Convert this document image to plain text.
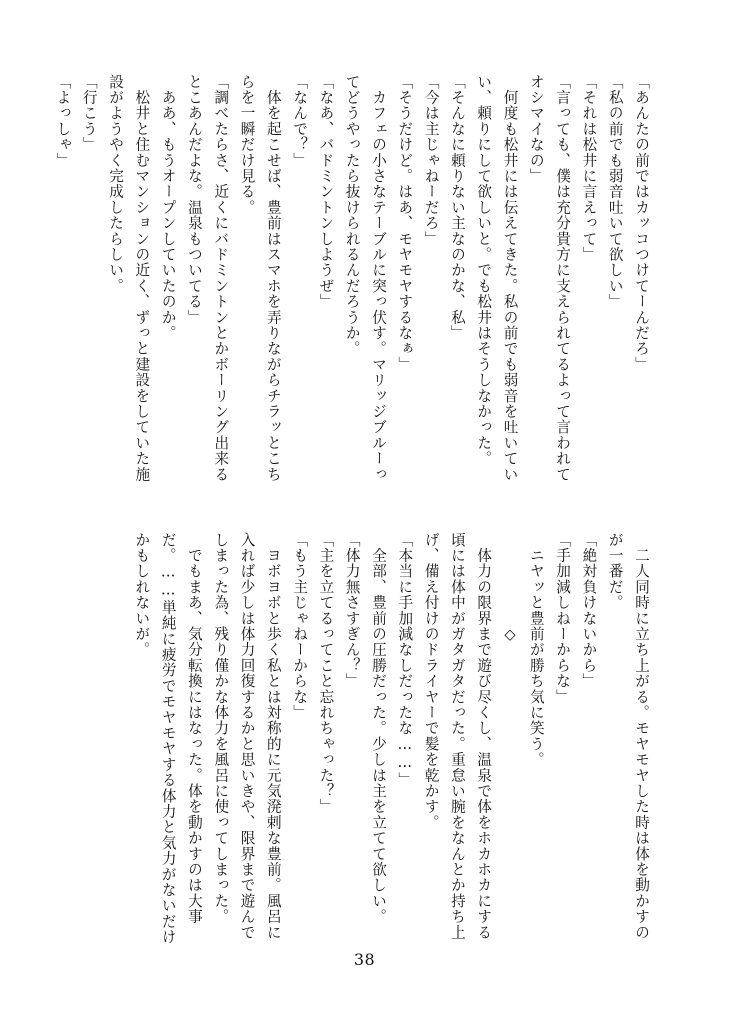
「あんたの前ではカッコつけてーんだろ」
「私の前でも弱音吐いて欲しい」
「それは松井に言えって」
「言っても、僕は充分貴方に支えられてるよって言われて
オシマイなの」
　何度も松井には伝えてきた。私の前でも弱音を吐いてい
い、頼りにして欲しいと。でも松井はそうしなかった。
「そんなに頼りない主なのかな、私」
「今は主じゃねーだろ」
「そうだけど。はあ、モヤモヤするなぁ」
　カフェの小さなテーブルに突っ伏す。マリッジブルーっ
てどうやったら抜けられるんだろうか。
「なあ、バドミントンしようぜ」
「なんで？」
　体を起こせば、豊前はスマホを弄りながらチラッとこち
らを一瞬だけ見る。
「調べたらさ、近くにバドミントンとかボーリング出来る
とこあんだよな。温泉もついてる」
　ああ、もうオープンしていたのか。
　松井と住むマンションの近く、ずっと建設をしていた施
設がようやく完成したらしい。
「行こう」
「よっしゃ」
　二人同時に立ち上がる。モヤモヤした時は体を動かすの
が一番だ。
「絶対負けないから」
「手加減しねーからな」
　ニヤッと豊前が勝ち気に笑う。
　　　　　　◇
　体力の限界まで遊び尽くし、温泉で体をホカホカにする
頃には体中がガタガタだった。重怠い腕をなんとか持ち上
げ、備え付けのドライヤーで髪を乾かす。
「本当に手加減なしだったな……」
　全部、豊前の圧勝だった。少しは主を立てて欲しい。
「体力無さすぎん？」
「主を立てるってこと忘れちゃった？」
「もう主じゃねーからな」
　ヨボヨボと歩く私とは対称的に元気溌剌な豊前。風呂に
入れば少しは体力回復するかと思いきや、限界まで遊んで
しまった為、残り僅かな体力を風呂に使ってしまった。
　でもまあ、気分転換にはなった。体を動かすのは大事
だ。……単純に疲労でモヤモヤする体力と気力がないだけ
かもしれないが。
38
